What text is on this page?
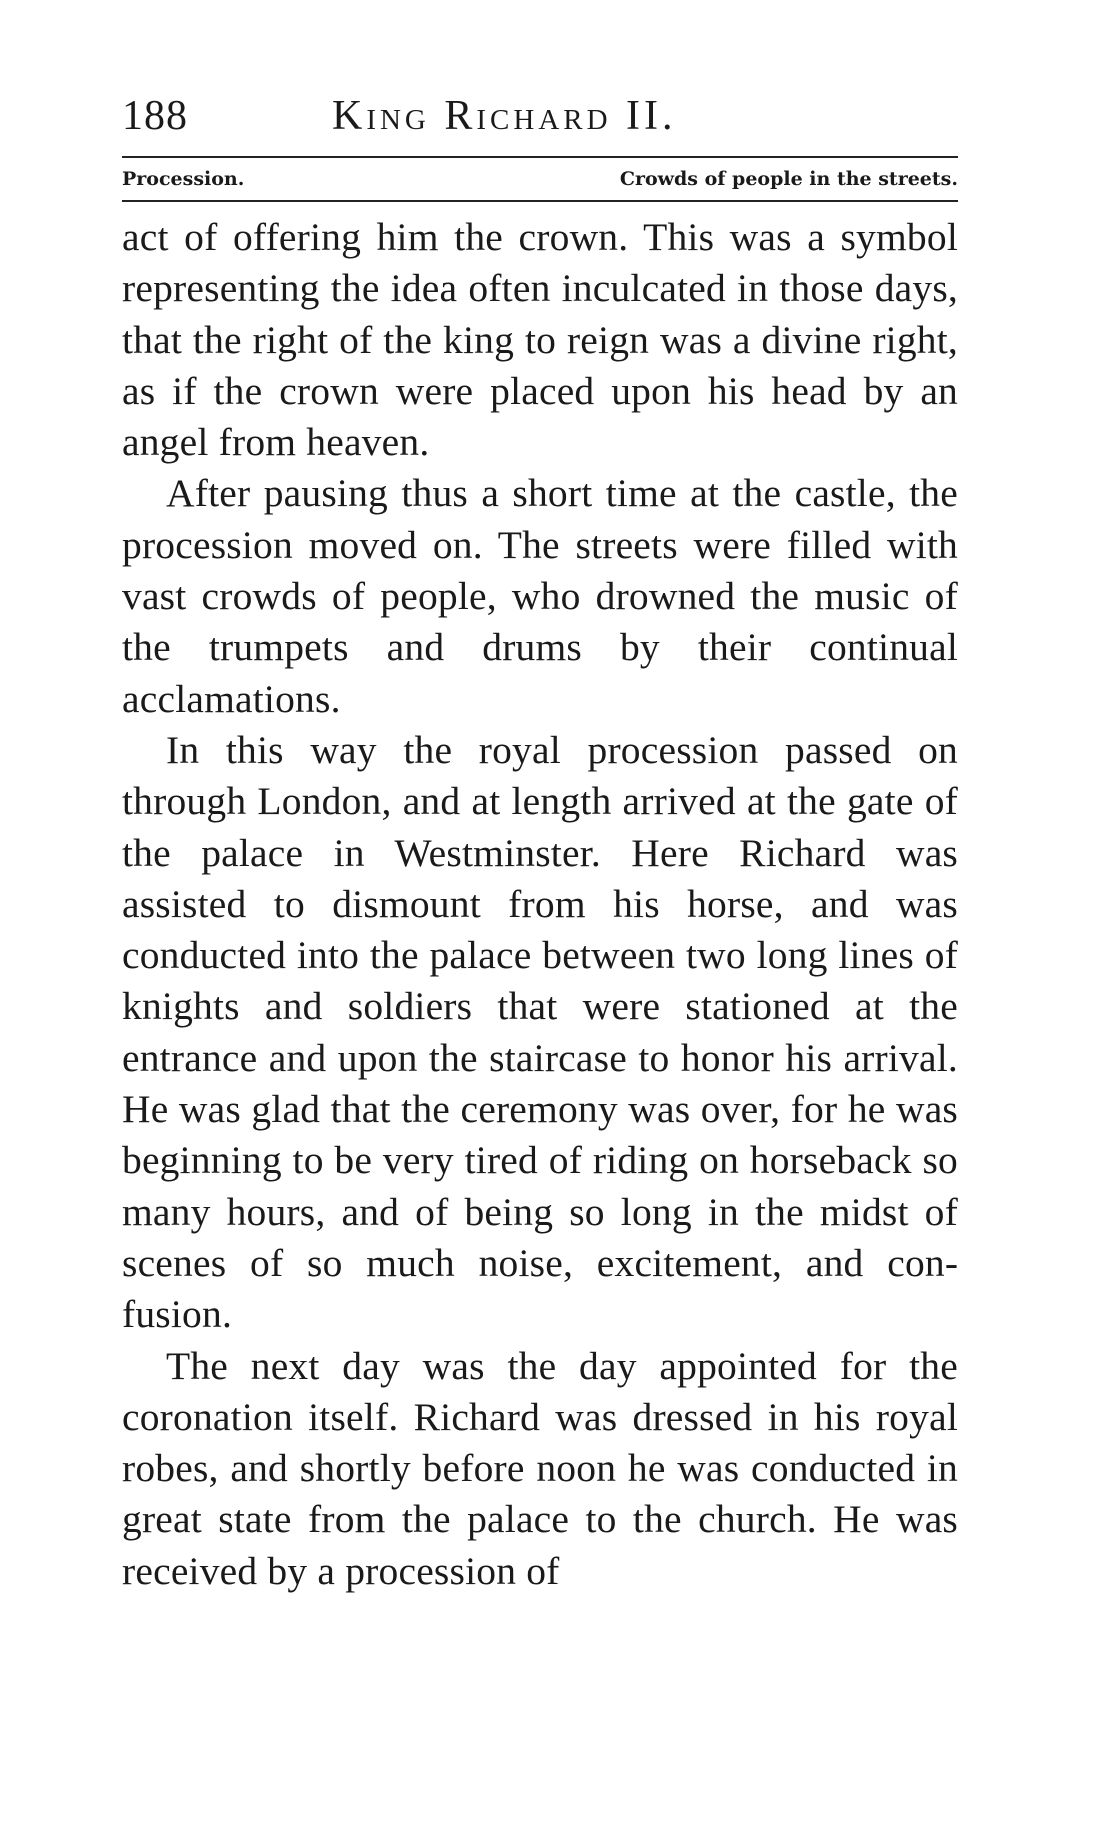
188	King Richard II.
Procession.	Crowds of people in the streets.

act of offering him the crown. This was a symbol representing the idea often inculcated in those days, that the right of the king to reign was a divine right, as if the crown were placed upon his head by an angel from heaven.

After pausing thus a short time at the castle, the procession moved on. The streets were filled with vast crowds of people, who drowned the music of the trumpets and drums by their continual acclamations.

In this way the royal procession passed on through London, and at length arrived at the gate of the palace in Westminster. Here Richard was assisted to dismount from his horse, and was conducted into the palace between two long lines of knights and soldiers that were stationed at the entrance and upon the staircase to honor his arrival. He was glad that the ceremony was over, for he was beginning to be very tired of riding on horseback so many hours, and of being so long in the midst of scenes of so much noise, excitement, and confusion.

The next day was the day appointed for the coronation itself. Richard was dressed in his royal robes, and shortly before noon he was conducted in great state from the palace to the church. He was received by a procession of
